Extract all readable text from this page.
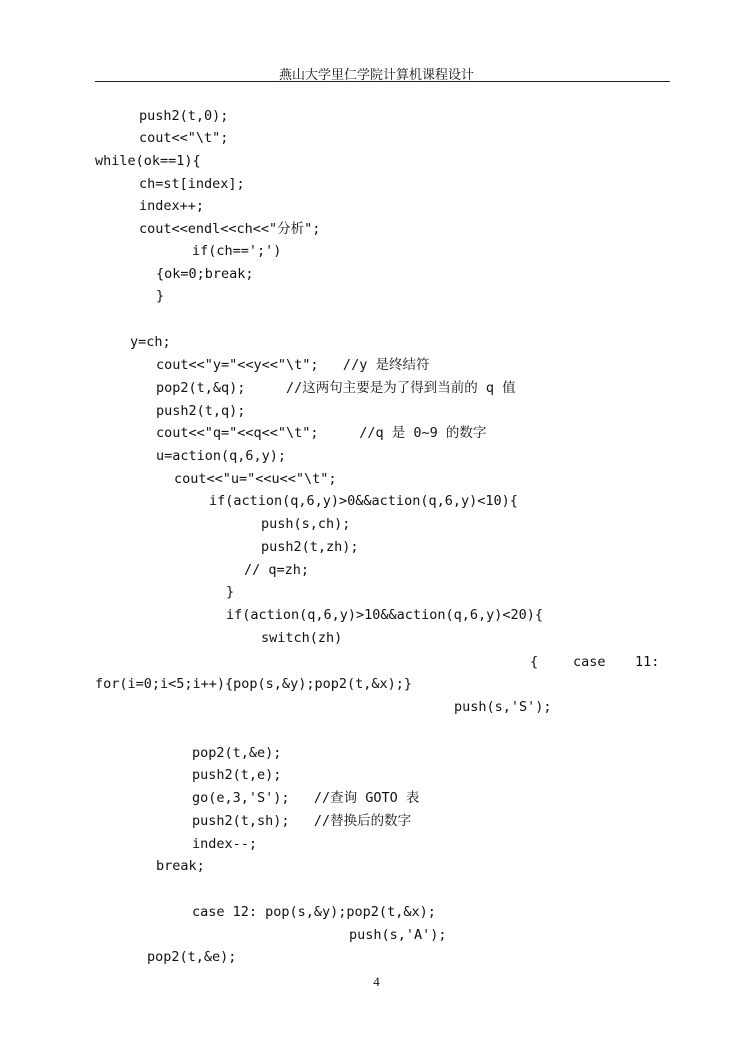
燕山大学里仁学院计算机课程设计
push2(t,0);
cout<<"\t";
while(ok==1){
ch=st[index];
index++;
cout<<endl<<ch<<"分析";
if(ch==';')
{ok=0;break;
}
y=ch;
cout<<"y="<<y<<"\t";   //y 是终结符
pop2(t,&q);     //这两句主要是为了得到当前的 q 值
push2(t,q);
cout<<"q="<<q<<"\t";     //q 是 0~9 的数字
u=action(q,6,y);
cout<<"u="<<u<<"\t";
if(action(q,6,y)>0&&action(q,6,y)<10){
push(s,ch);
push2(t,zh);
// q=zh;
}
if(action(q,6,y)>10&&action(q,6,y)<20){
switch(zh)
{	case 11:
for(i=0;i<5;i++){pop(s,&y);pop2(t,&x);}
push(s,'S');
pop2(t,&e);
push2(t,e);
go(e,3,'S');   //查询 GOTO 表
push2(t,sh);   //替换后的数字
index--;
break;
case 12: pop(s,&y);pop2(t,&x);
push(s,'A');
pop2(t,&e);
4
